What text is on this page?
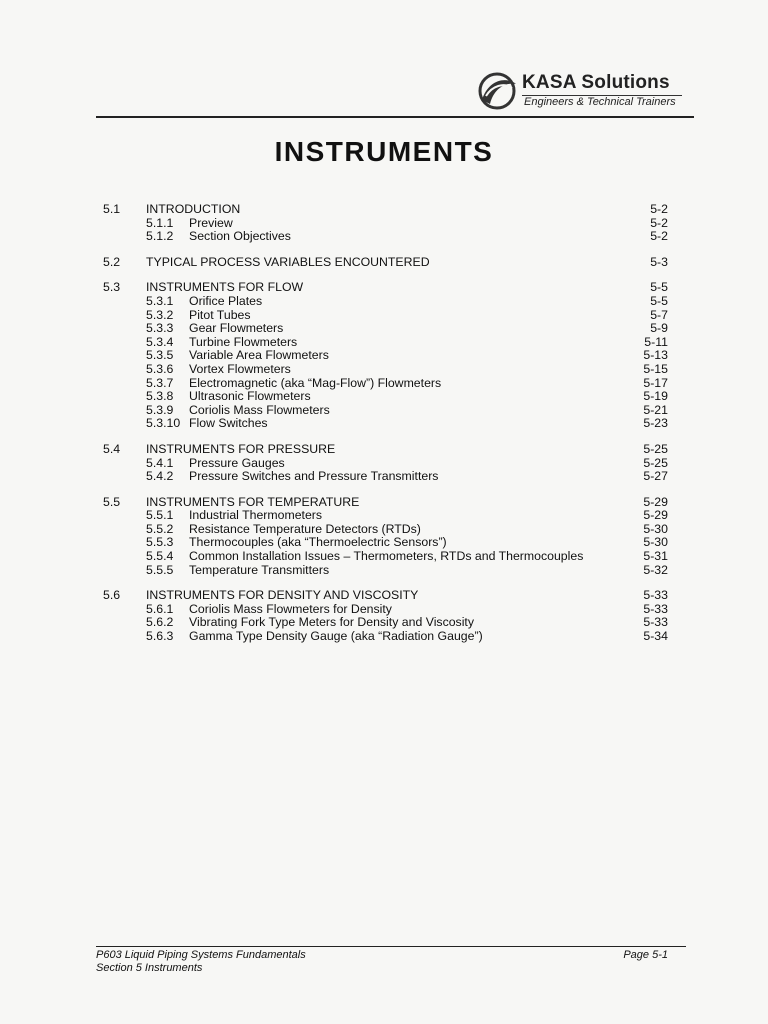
KASA Solutions
Engineers & Technical Trainers
INSTRUMENTS
5.1 INTRODUCTION	5-2
5.1.1 Preview	5-2
5.1.2 Section Objectives	5-2
5.2 TYPICAL PROCESS VARIABLES ENCOUNTERED	5-3
5.3 INSTRUMENTS FOR FLOW	5-5
5.3.1 Orifice Plates	5-5
5.3.2 Pitot Tubes	5-7
5.3.3 Gear Flowmeters	5-9
5.3.4 Turbine Flowmeters	5-11
5.3.5 Variable Area Flowmeters	5-13
5.3.6 Vortex Flowmeters	5-15
5.3.7 Electromagnetic (aka “Mag-Flow”) Flowmeters	5-17
5.3.8 Ultrasonic Flowmeters	5-19
5.3.9 Coriolis Mass Flowmeters	5-21
5.3.10 Flow Switches	5-23
5.4 INSTRUMENTS FOR PRESSURE	5-25
5.4.1 Pressure Gauges	5-25
5.4.2 Pressure Switches and Pressure Transmitters	5-27
5.5 INSTRUMENTS FOR TEMPERATURE	5-29
5.5.1 Industrial Thermometers	5-29
5.5.2 Resistance Temperature Detectors (RTDs)	5-30
5.5.3 Thermocouples (aka “Thermoelectric Sensors”)	5-30
5.5.4 Common Installation Issues – Thermometers, RTDs and Thermocouples	5-31
5.5.5 Temperature Transmitters	5-32
5.6 INSTRUMENTS FOR DENSITY AND VISCOSITY	5-33
5.6.1 Coriolis Mass Flowmeters for Density	5-33
5.6.2 Vibrating Fork Type Meters for Density and Viscosity	5-33
5.6.3 Gamma Type Density Gauge (aka “Radiation Gauge”)	5-34
P603 Liquid Piping Systems Fundamentals
Section 5 Instruments
Page 5-1
